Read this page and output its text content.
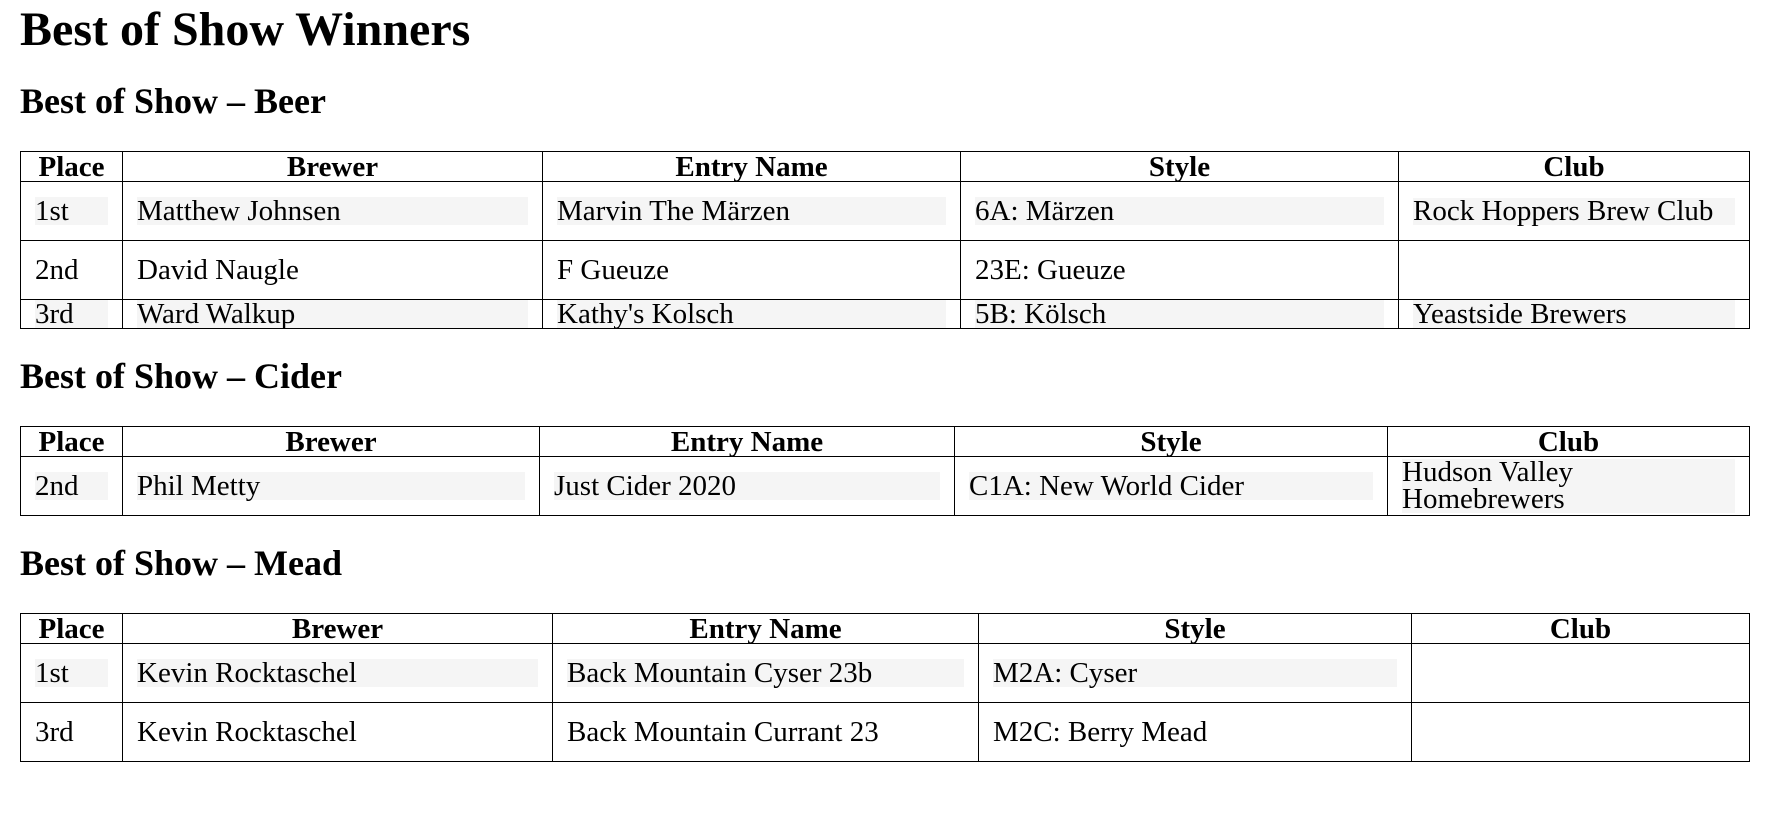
Best of Show Winners
Best of Show – Beer
Place	Brewer	Entry Name	Style	Club

1st	Matthew Johnsen	Marvin The Märzen	6A: Märzen	Rock Hoppers Brew Club

2nd	David Naugle	F Gueuze	23E: Gueuze	

3rd	Ward Walkup	Kathy's Kolsch	5B: Kölsch	Yeastside Brewers
Best of Show – Cider
Place	Brewer	Entry Name	Style	Club

2nd	Phil Metty	Just Cider 2020	C1A: New World Cider	Hudson Valley Homebrewers
Best of Show – Mead
Place	Brewer	Entry Name	Style	Club

1st	Kevin Rocktaschel	Back Mountain Cyser 23b	M2A: Cyser	

3rd	Kevin Rocktaschel	Back Mountain Currant 23	M2C: Berry Mead	
